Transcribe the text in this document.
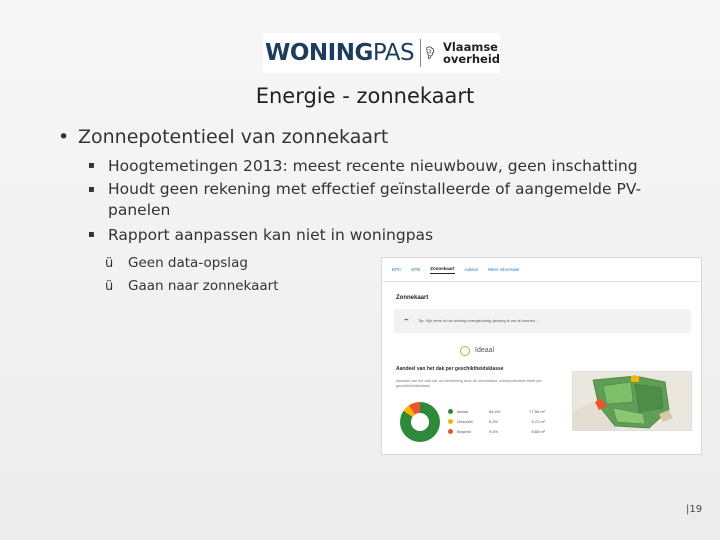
WONINGPAS	Vlaamse
overheid
Energie - zonnekaart
• Zonnepotentieel van zonnekaart
▪ Hoogtemetingen 2013: meest recente nieuwbouw, geen inschatting
▪ Houdt geen rekening met effectief geïnstalleerde of aangemelde PV-
panelen
▪ Rapport aanpassen kan niet in woningpas
ü Geen data-opslag
ü Gaan naar zonnekaart
EPC EPB Zonnekaart Advies Meer informatie
Zonnekaart
⌁ Tip: Kijk eens of uw woning energiezuinig genoeg is om te kunnen ...
Ideaal
Aandeel van het dak per geschiktheidsklasse
Aandeel van het dak dat, na berekening door de zonnekaart, zonnepotentieel heeft per geschiktheidsklasse.
Ideaal	84,4%	77,56 m²
Geschikt	6,2%	5,72 m²
Beperkt	9,4%	8,66 m²
|19
